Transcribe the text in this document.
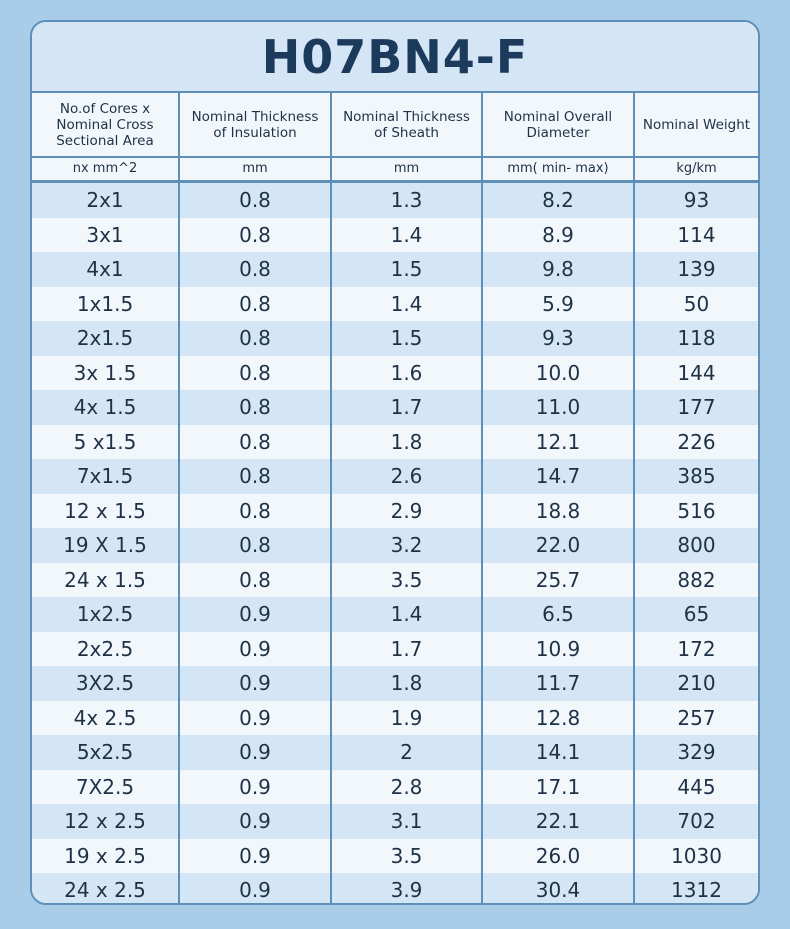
H07BN4-F
No.of Cores x Nominal Cross Sectional Area	Nominal Thickness of Insulation	Nominal Thickness of Sheath	Nominal Overall Diameter	Nominal Weight
nx mm^2	mm	mm	mm( min- max)	kg/km
2x1	0.8	1.3	8.2	93
3x1	0.8	1.4	8.9	114
4x1	0.8	1.5	9.8	139
1x1.5	0.8	1.4	5.9	50
2x1.5	0.8	1.5	9.3	118
3x 1.5	0.8	1.6	10.0	144
4x 1.5	0.8	1.7	11.0	177
5 x1.5	0.8	1.8	12.1	226
7x1.5	0.8	2.6	14.7	385
12 x 1.5	0.8	2.9	18.8	516
19 X 1.5	0.8	3.2	22.0	800
24 x 1.5	0.8	3.5	25.7	882
1x2.5	0.9	1.4	6.5	65
2x2.5	0.9	1.7	10.9	172
3X2.5	0.9	1.8	11.7	210
4x 2.5	0.9	1.9	12.8	257
5x2.5	0.9	2	14.1	329
7X2.5	0.9	2.8	17.1	445
12 x 2.5	0.9	3.1	22.1	702
19 x 2.5	0.9	3.5	26.0	1030
24 x 2.5	0.9	3.9	30.4	1312
